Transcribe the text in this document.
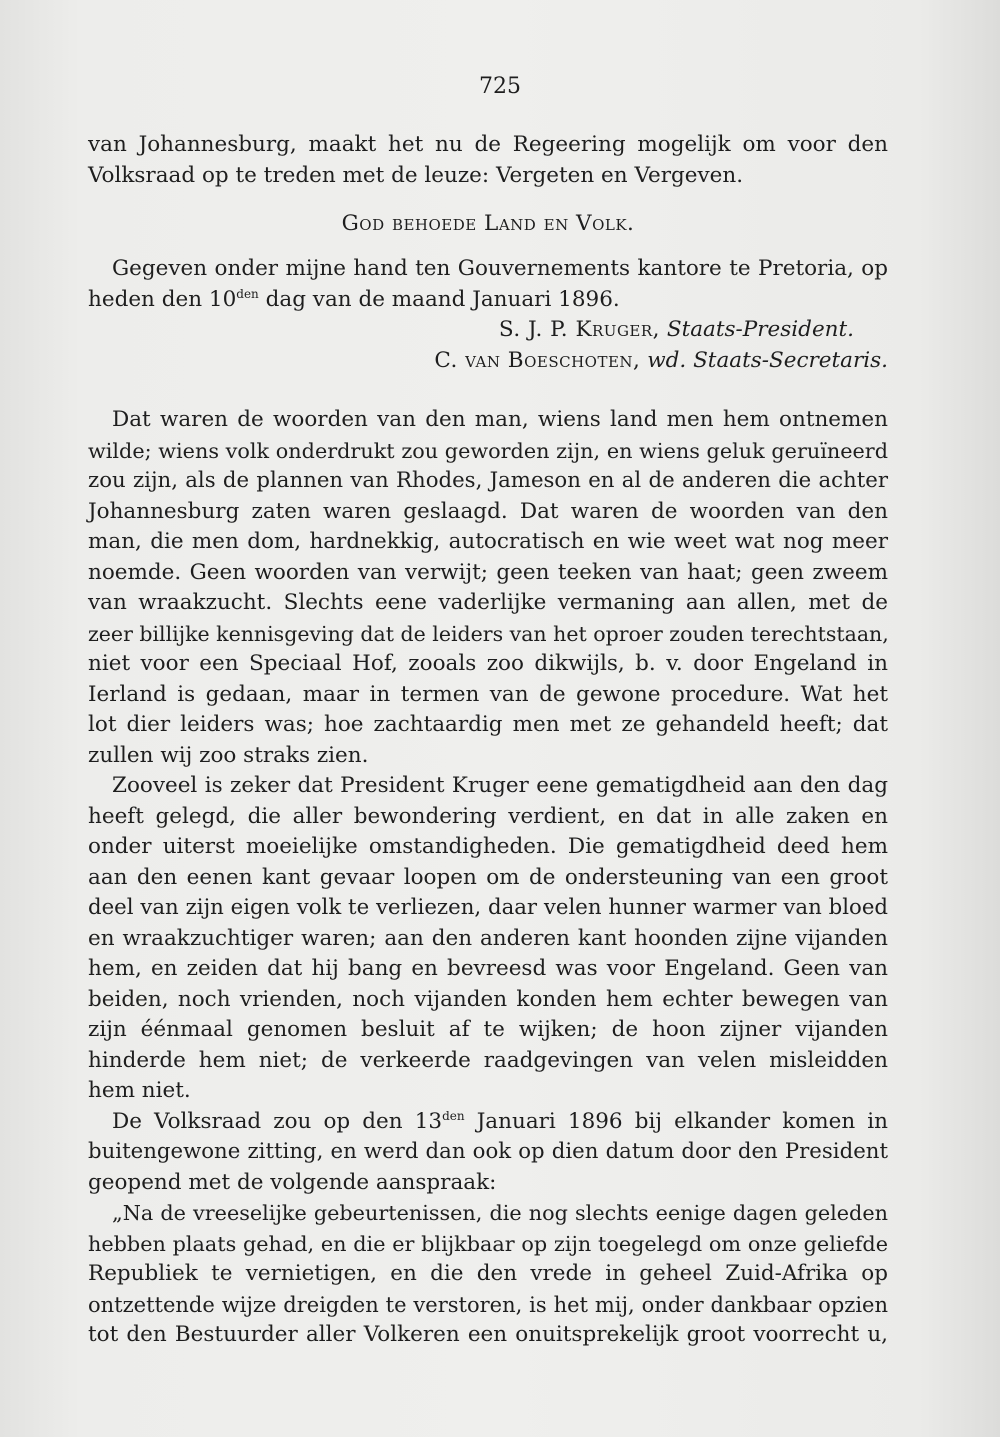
725
van Johannesburg, maakt het nu de Regeering mogelijk om voor den
Volksraad op te treden met de leuze: Vergeten en Vergeven.
God behoede Land en Volk.
Gegeven onder mijne hand ten Gouvernements kantore te Pretoria, op
heden den $10^{den}$ dag van de maand Januari 1896.
S. J. P. Kruger, Staats-President.
C. van Boeschoten, wd. Staats-Secretaris.
Dat waren de woorden van den man, wiens land men hem ontnemen
wilde; wiens volk onderdrukt zou geworden zijn, en wiens geluk geruïneerd
zou zijn, als de plannen van Rhodes, Jameson en al de anderen die achter
Johannesburg zaten waren geslaagd. Dat waren de woorden van den
man, die men dom, hardnekkig, autocratisch en wie weet wat nog meer
noemde. Geen woorden van verwijt; geen teeken van haat; geen zweem
van wraakzucht. Slechts eene vaderlijke vermaning aan allen, met de
zeer billijke kennisgeving dat de leiders van het oproer zouden terechtstaan,
niet voor een Speciaal Hof, zooals zoo dikwijls, b. v. door Engeland in
Ierland is gedaan, maar in termen van de gewone procedure. Wat het
lot dier leiders was; hoe zachtaardig men met ze gehandeld heeft; dat
zullen wij zoo straks zien.
Zooveel is zeker dat President Kruger eene gematigdheid aan den dag
heeft gelegd, die aller bewondering verdient, en dat in alle zaken en
onder uiterst moeielijke omstandigheden. Die gematigdheid deed hem
aan den eenen kant gevaar loopen om de ondersteuning van een groot
deel van zijn eigen volk te verliezen, daar velen hunner warmer van bloed
en wraakzuchtiger waren; aan den anderen kant hoonden zijne vijanden
hem, en zeiden dat hij bang en bevreesd was voor Engeland. Geen van
beiden, noch vrienden, noch vijanden konden hem echter bewegen van
zijn éénmaal genomen besluit af te wijken; de hoon zijner vijanden
hinderde hem niet; de verkeerde raadgevingen van velen misleidden
hem niet.
De Volksraad zou op den $13^{den}$ Januari 1896 bij elkander komen in
buitengewone zitting, en werd dan ook op dien datum door den President
geopend met de volgende aanspraak:
„Na de vreeselijke gebeurtenissen, die nog slechts eenige dagen geleden
hebben plaats gehad, en die er blijkbaar op zijn toegelegd om onze geliefde
Republiek te vernietigen, en die den vrede in geheel Zuid-Afrika op
ontzettende wijze dreigden te verstoren, is het mij, onder dankbaar opzien
tot den Bestuurder aller Volkeren een onuitsprekelijk groot voorrecht u,
